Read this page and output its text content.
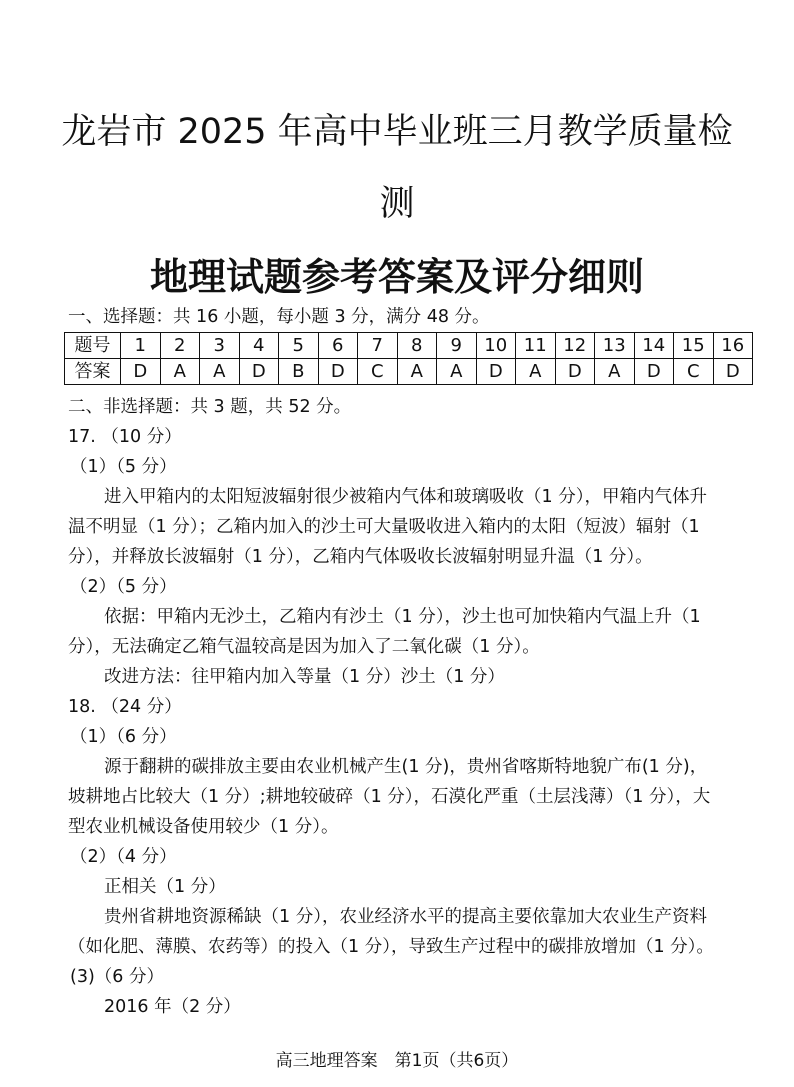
龙岩市 2025 年高中毕业班三月教学质量检
测
地理试题参考答案及评分细则
一、选择题：共 16 小题，每小题 3 分，满分 48 分。
题号	1	2	3	4	5	6	7	8	9	10	11	12	13	14	15	16
答案	D	A	A	D	B	D	C	A	A	D	A	D	A	D	C	D
二、非选择题：共 3 题，共 52 分。
17. （10 分）
（1）（5 分）
进入甲箱内的太阳短波辐射很少被箱内气体和玻璃吸收（1 分），甲箱内气体升
温不明显（1 分）；乙箱内加入的沙土可大量吸收进入箱内的太阳（短波）辐射（1
分），并释放长波辐射（1 分），乙箱内气体吸收长波辐射明显升温（1 分）。
（2）（5 分）
依据：甲箱内无沙土，乙箱内有沙土（1 分），沙土也可加快箱内气温上升（1
分），无法确定乙箱气温较高是因为加入了二氧化碳（1 分）。
改进方法：往甲箱内加入等量（1 分）沙土（1 分）
18. （24 分）
（1）（6 分）
源于翻耕的碳排放主要由农业机械产生(1 分)，贵州省喀斯特地貌广布(1 分)，
坡耕地占比较大（1 分）;耕地较破碎（1 分），石漠化严重（土层浅薄）（1 分），大
型农业机械设备使用较少（1 分）。
（2）（4 分）
正相关（1 分）
贵州省耕地资源稀缺（1 分），农业经济水平的提高主要依靠加大农业生产资料
（如化肥、薄膜、农药等）的投入（1 分），导致生产过程中的碳排放增加（1 分）。
(3)（6 分）
2016 年（2 分）
高三地理答案　第1页（共6页）
